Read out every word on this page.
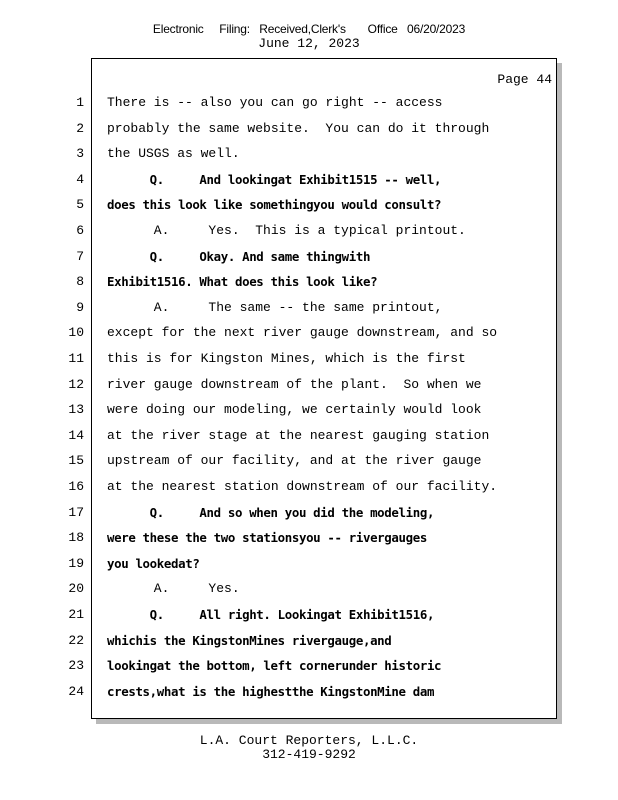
Electronic     Filing:   Received,Clerk's       Office   06/20/2023
June 12, 2023
Page 44
1 There is -- also you can go right -- access
2 probably the same website.  You can do it through
3 the USGS as well.
4 Q.     And lookingat Exhibit1515 -- well,
5 does this look like somethingyou would consult?
6 A.     Yes.  This is a typical printout.
7 Q.     Okay. And same thingwith
8 Exhibit1516. What does this look like?
9 A.     The same -- the same printout,
10 except for the next river gauge downstream, and so
11 this is for Kingston Mines, which is the first
12 river gauge downstream of the plant.  So when we
13 were doing our modeling, we certainly would look
14 at the river stage at the nearest gauging station
15 upstream of our facility, and at the river gauge
16 at the nearest station downstream of our facility.
17 Q.     And so when you did the modeling,
18 were these the two stationsyou -- rivergauges
19 you lookedat?
20 A.     Yes.
21 Q.     All right. Lookingat Exhibit1516,
22 whichis the KingstonMines rivergauge,and
23 lookingat the bottom, left cornerunder historic
24 crests,what is the highestthe KingstonMine dam
L.A. Court Reporters, L.L.C.
312-419-9292
